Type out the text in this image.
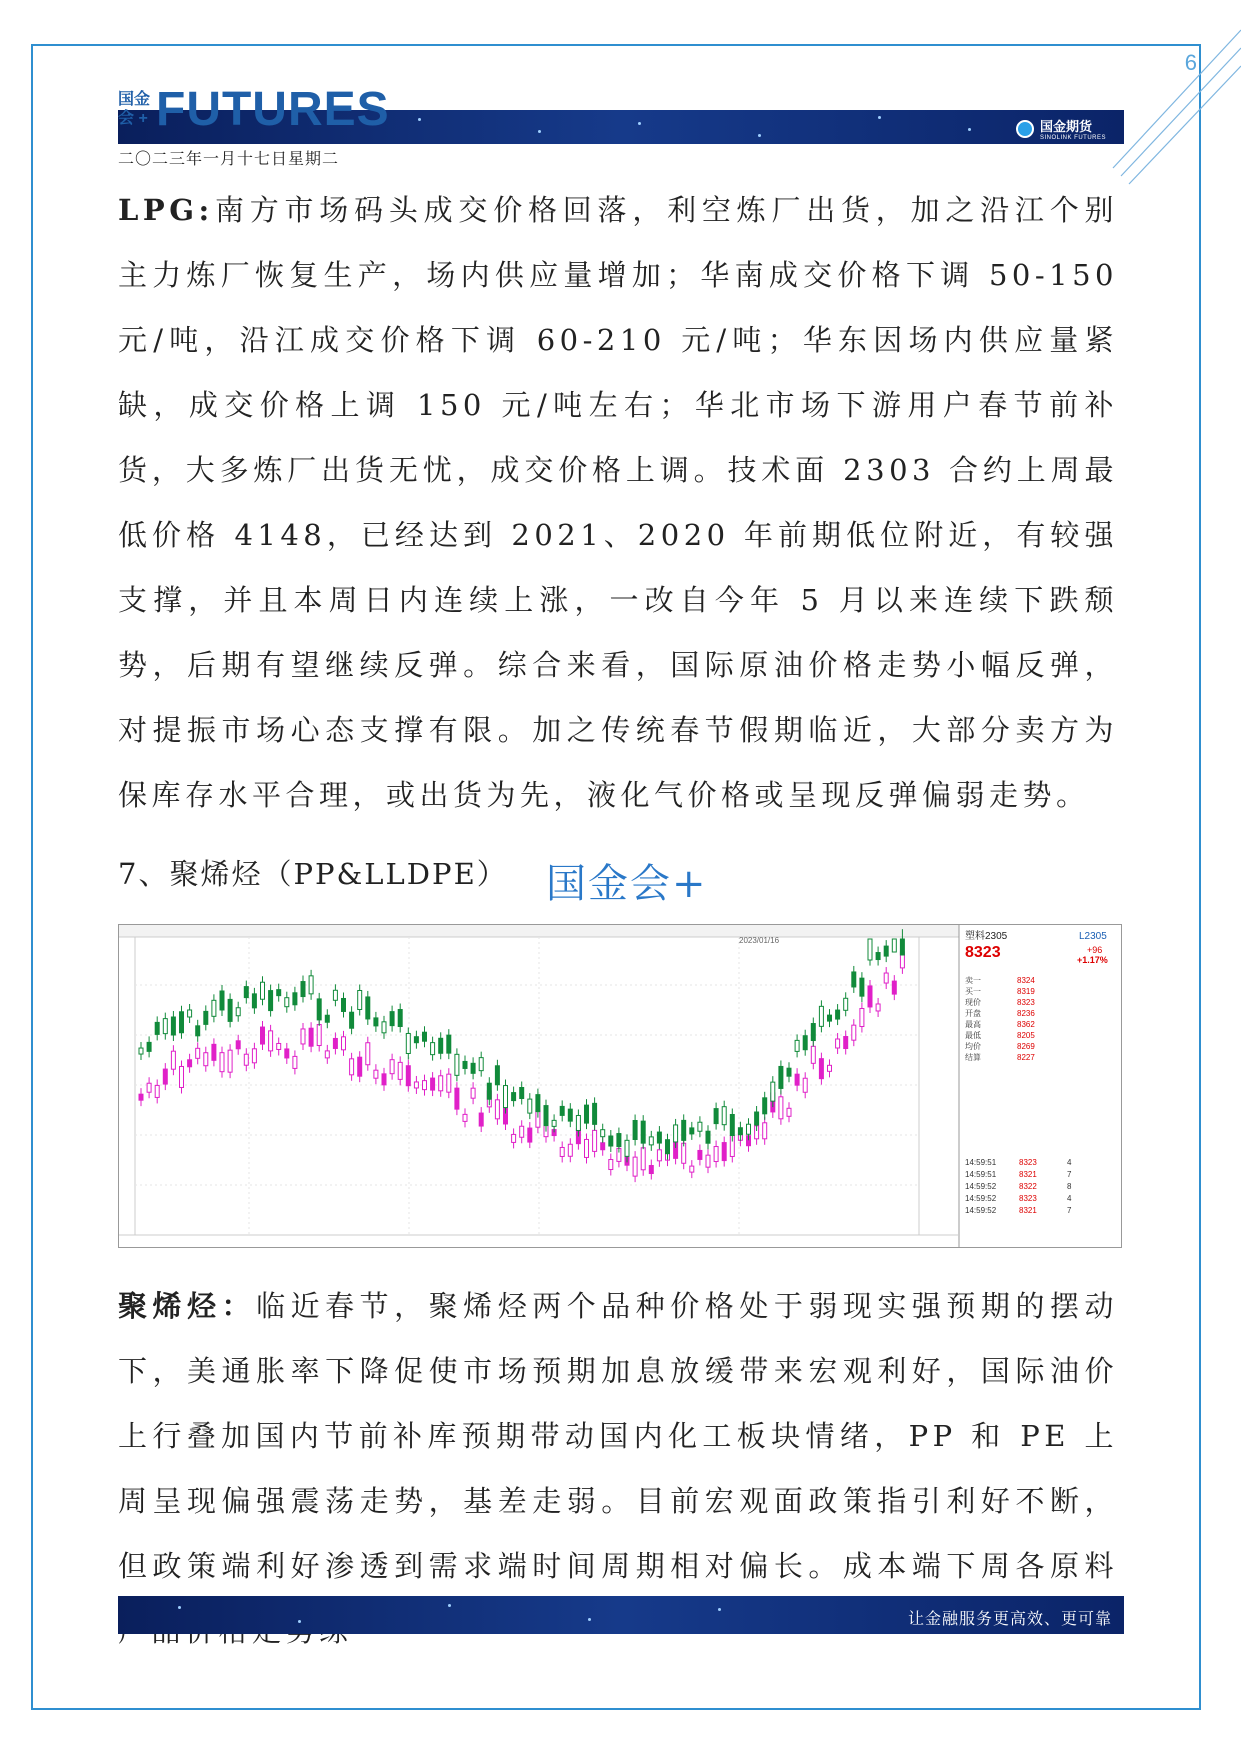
6
国金期货
SINOLINK FUTURES
国金
会 + FUTURES
二〇二三年一月十七日星期二

LPG:南方市场码头成交价格回落，利空炼厂出货，加之沿江个别主力炼厂恢复生产，场内供应量增加；华南成交价格下调 50-150 元/吨，沿江成交价格下调 60-210 元/吨；华东因场内供应量紧缺，成交价格上调 150 元/吨左右；华北市场下游用户春节前补货，大多炼厂出货无忧，成交价格上调。技术面 2303 合约上周最低价格 4148，已经达到 2021、2020 年前期低位附近，有较强支撑，并且本周日内连续上涨，一改自今年 5 月以来连续下跌颓势，后期有望继续反弹。综合来看，国际原油价格走势小幅反弹，对提振市场心态支撑有限。加之传统春节假期临近，大部分卖方为保库存水平合理，或出货为先，液化气价格或呈现反弹偏弱走势。

7、聚烯烃（PP&LLDPE） 国金会+
塑料2305	L2305
8323	+96
+1.17%
卖一	8324
买一	8319
现价	8323
开盘	8236
最高	8362
最低	8205
均价	8269
结算	8227
14:59:51	8323	4
14:59:51	8321	7
14:59:52	8322	8
14:59:52	8323	4
14:59:52	8321	7
2023/01/16

聚烯烃：临近春节，聚烯烃两个品种价格处于弱现实强预期的摆动下，美通胀率下降促使市场预期加息放缓带来宏观利好，国际油价上行叠加国内节前补库预期带动国内化工板块情绪，PP 和 PE 上周呈现偏强震荡走势，基差走弱。目前宏观面政策指引利好不断，但政策端利好渗透到需求端时间周期相对偏长。成本端下周各原料

让金融服务更高效、更可靠
